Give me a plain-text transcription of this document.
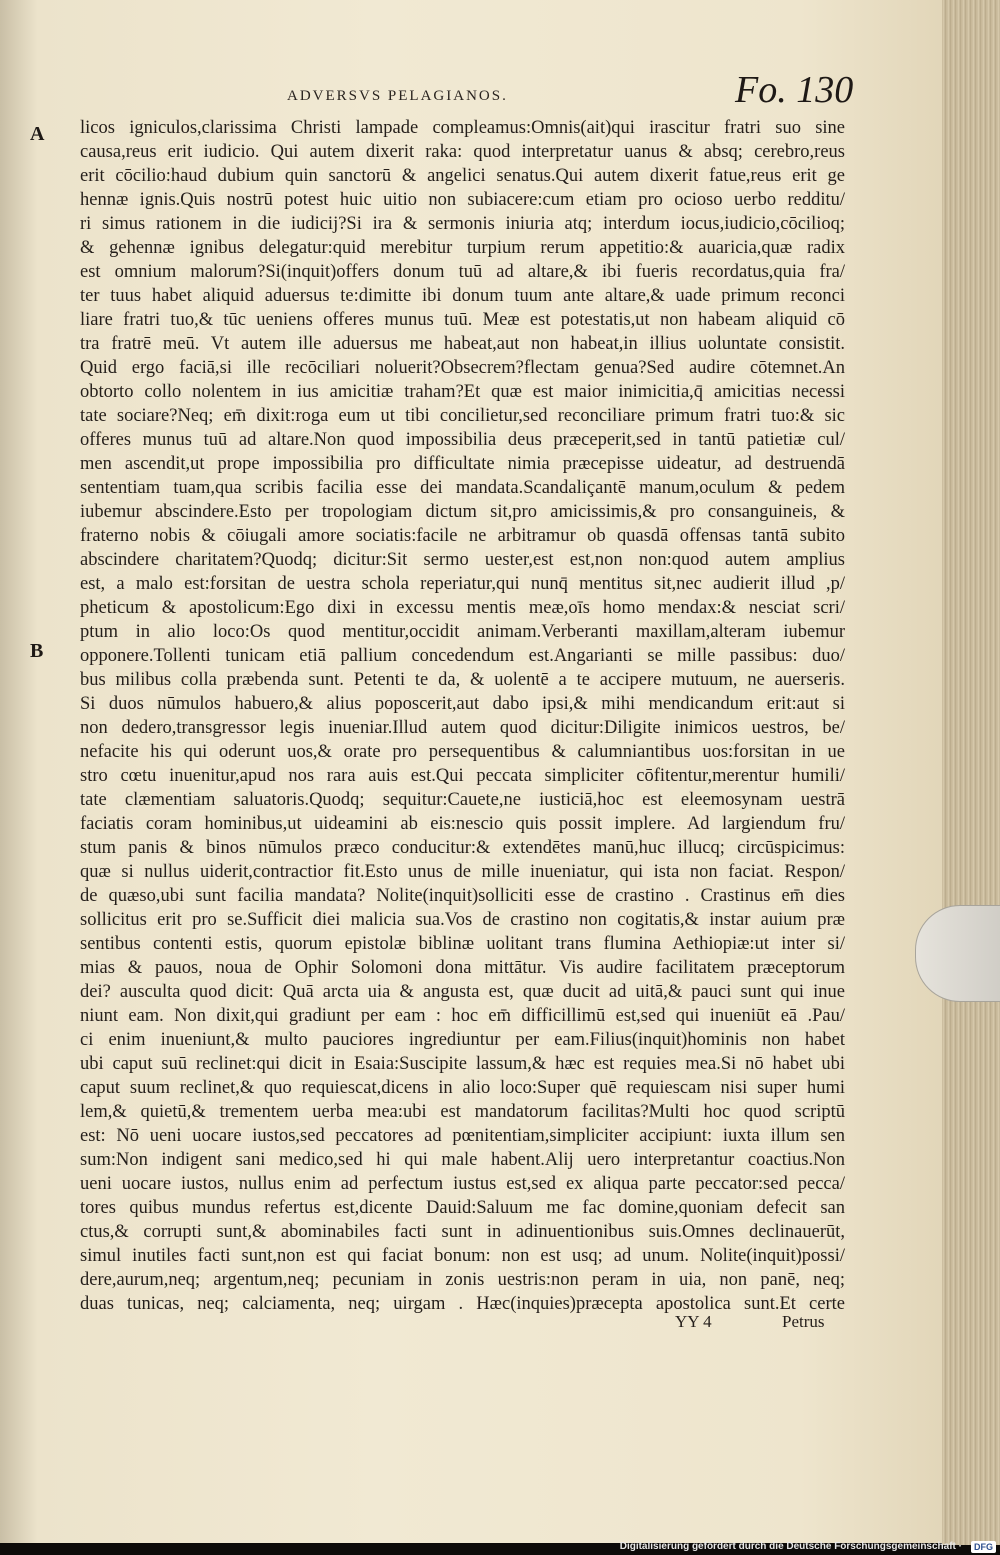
ADVERSVS PELAGIANOS.	Fo. 130
A
B
licos igniculos,clarissima Christi lampade compleamus:Omnis(ait)qui irascitur fratri suo sine
causa,reus erit iudicio. Qui autem dixerit raka: quod interpretatur uanus & absq; cerebro,reus
erit cōcilio:haud dubium quin sanctorū & angelici senatus.Qui autem dixerit fatue,reus erit ge
hennæ ignis.Quis nostrū potest huic uitio non subiacere:cum etiam pro ocioso uerbo redditu/
ri simus rationem in die iudicij?Si ira & sermonis iniuria atq; interdum iocus,iudicio,cōcilioq;
& gehennæ ignibus delegatur:quid merebitur turpium rerum appetitio:& auaricia,quæ radix
est omnium malorum?Si(inquit)offers donum tuū ad altare,& ibi fueris recordatus,quia fra/
ter tuus habet aliquid aduersus te:dimitte ibi donum tuum ante altare,& uade primum reconci
liare fratri tuo,& tūc ueniens offeres munus tuū. Meæ est potestatis,ut non habeam aliquid cō
tra fratrē meū. Vt autem ille aduersus me habeat,aut non habeat,in illius uoluntate consistit.
Quid ergo faciā,si ille recōciliari noluerit?Obsecrem?flectam genua?Sed audire cōtemnet.An
obtorto collo nolentem in ius amicitiæ traham?Et quæ est maior inimicitia,q̄ amicitias necessi
tate sociare?Neq; em̄ dixit:roga eum ut tibi concilietur,sed reconciliare primum fratri tuo:& sic
offeres munus tuū ad altare.Non quod impossibilia deus præceperit,sed in tantū patietiæ cul/
men ascendit,ut prope impossibilia pro difficultate nimia præcepisse uideatur, ad destruendā
sententiam tuam,qua scribis facilia esse dei mandata.Scandaliçantē manum,oculum & pedem
iubemur abscindere.Esto per tropologiam dictum sit,pro amicissimis,& pro consanguineis, &
fraterno nobis & cōiugali amore sociatis:facile ne arbitramur ob quasdā offensas tantā subito
abscindere charitatem?Quodq; dicitur:Sit sermo uester,est est,non non:quod autem amplius
est, a malo est:forsitan de uestra schola reperiatur,qui nunq̄ mentitus sit,nec audierit illud ,p/
pheticum & apostolicum:Ego dixi in excessu mentis meæ,oīs homo mendax:& nesciat scri/
ptum in alio loco:Os quod mentitur,occidit animam.Verberanti maxillam,alteram iubemur
opponere.Tollenti tunicam etiā pallium concedendum est.Angarianti se mille passibus: duo/
bus milibus colla præbenda sunt. Petenti te da, & uolentē a te accipere mutuum, ne auerseris.
Si duos nūmulos habuero,& alius poposcerit,aut dabo ipsi,& mihi mendicandum erit:aut si
non dedero,transgressor legis inueniar.Illud autem quod dicitur:Diligite inimicos uestros, be/
nefacite his qui oderunt uos,& orate pro persequentibus & calumniantibus uos:forsitan in ue
stro cœtu inuenitur,apud nos rara auis est.Qui peccata simpliciter cōfitentur,merentur humili/
tate clæmentiam saluatoris.Quodq; sequitur:Cauete,ne iusticiā,hoc est eleemosynam uestrā
faciatis coram hominibus,ut uideamini ab eis:nescio quis possit implere. Ad largiendum fru/
stum panis & binos nūmulos præco conducitur:& extendētes manū,huc illucq; circūspicimus:
quæ si nullus uiderit,contractior fit.Esto unus de mille inueniatur, qui ista non faciat. Respon/
de quæso,ubi sunt facilia mandata? Nolite(inquit)solliciti esse de crastino . Crastinus em̄ dies
sollicitus erit pro se.Sufficit diei malicia sua.Vos de crastino non cogitatis,& instar auium præ
sentibus contenti estis, quorum epistolæ biblinæ uolitant trans flumina Aethiopiæ:ut inter si/
mias & pauos, noua de Ophir Solomoni dona mittātur. Vis audire facilitatem præceptorum
dei? ausculta quod dicit: Quā arcta uia & angusta est, quæ ducit ad uitā,& pauci sunt qui inue
niunt eam. Non dixit,qui gradiunt per eam : hoc em̄ difficillimū est,sed qui inueniūt eā .Pau/
ci enim inueniunt,& multo pauciores ingrediuntur per eam.Filius(inquit)hominis non habet
ubi caput suū reclinet:qui dicit in Esaia:Suscipite lassum,& hæc est requies mea.Si nō habet ubi
caput suum reclinet,& quo requiescat,dicens in alio loco:Super quē requiescam nisi super humi
lem,& quietū,& trementem uerba mea:ubi est mandatorum facilitas?Multi hoc quod scriptū
est: Nō ueni uocare iustos,sed peccatores ad pœnitentiam,simpliciter accipiunt: iuxta illum sen
sum:Non indigent sani medico,sed hi qui male habent.Alij uero interpretantur coactius.Non
ueni uocare iustos, nullus enim ad perfectum iustus est,sed ex aliqua parte peccator:sed pecca/
tores quibus mundus refertus est,dicente Dauid:Saluum me fac domine,quoniam defecit san
ctus,& corrupti sunt,& abominabiles facti sunt in adinuentionibus suis.Omnes declinauerūt,
simul inutiles facti sunt,non est qui faciat bonum: non est usq; ad unum. Nolite(inquit)possi/
dere,aurum,neq; argentum,neq; pecuniam in zonis uestris:non peram in uia, non panē, neq;
duas tunicas, neq; calciamenta, neq; uirgam . Hæc(inquies)præcepta apostolica sunt.Et certe
YY 4	Petrus
Digitalisierung gefördert durch die Deutsche Forschungsgemeinschaft ·	DFG
